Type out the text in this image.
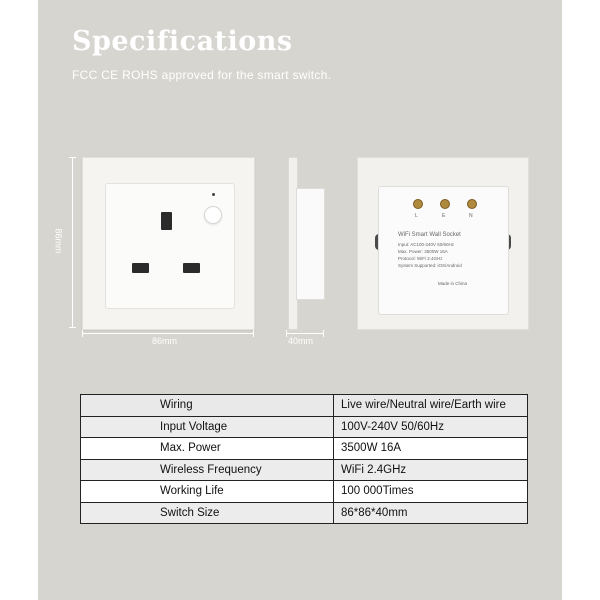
Specifications
FCC CE ROHS approved for the smart switch.
86mm
86mm	40mm
L	E	N
WiFi Smart Wall Socket
Input: AC100-240V 50/60Hz
Max. Power: 3500W 16A
Protocol: WiFi 2.4GHz
System Supported: iOS/Android
Made in China
Wiring	Live wire/Neutral wire/Earth wire
Input Voltage	100V-240V 50/60Hz
Max. Power	3500W 16A
Wireless Frequency	WiFi 2.4GHz
Working Life	100 000Times
Switch Size	86*86*40mm
